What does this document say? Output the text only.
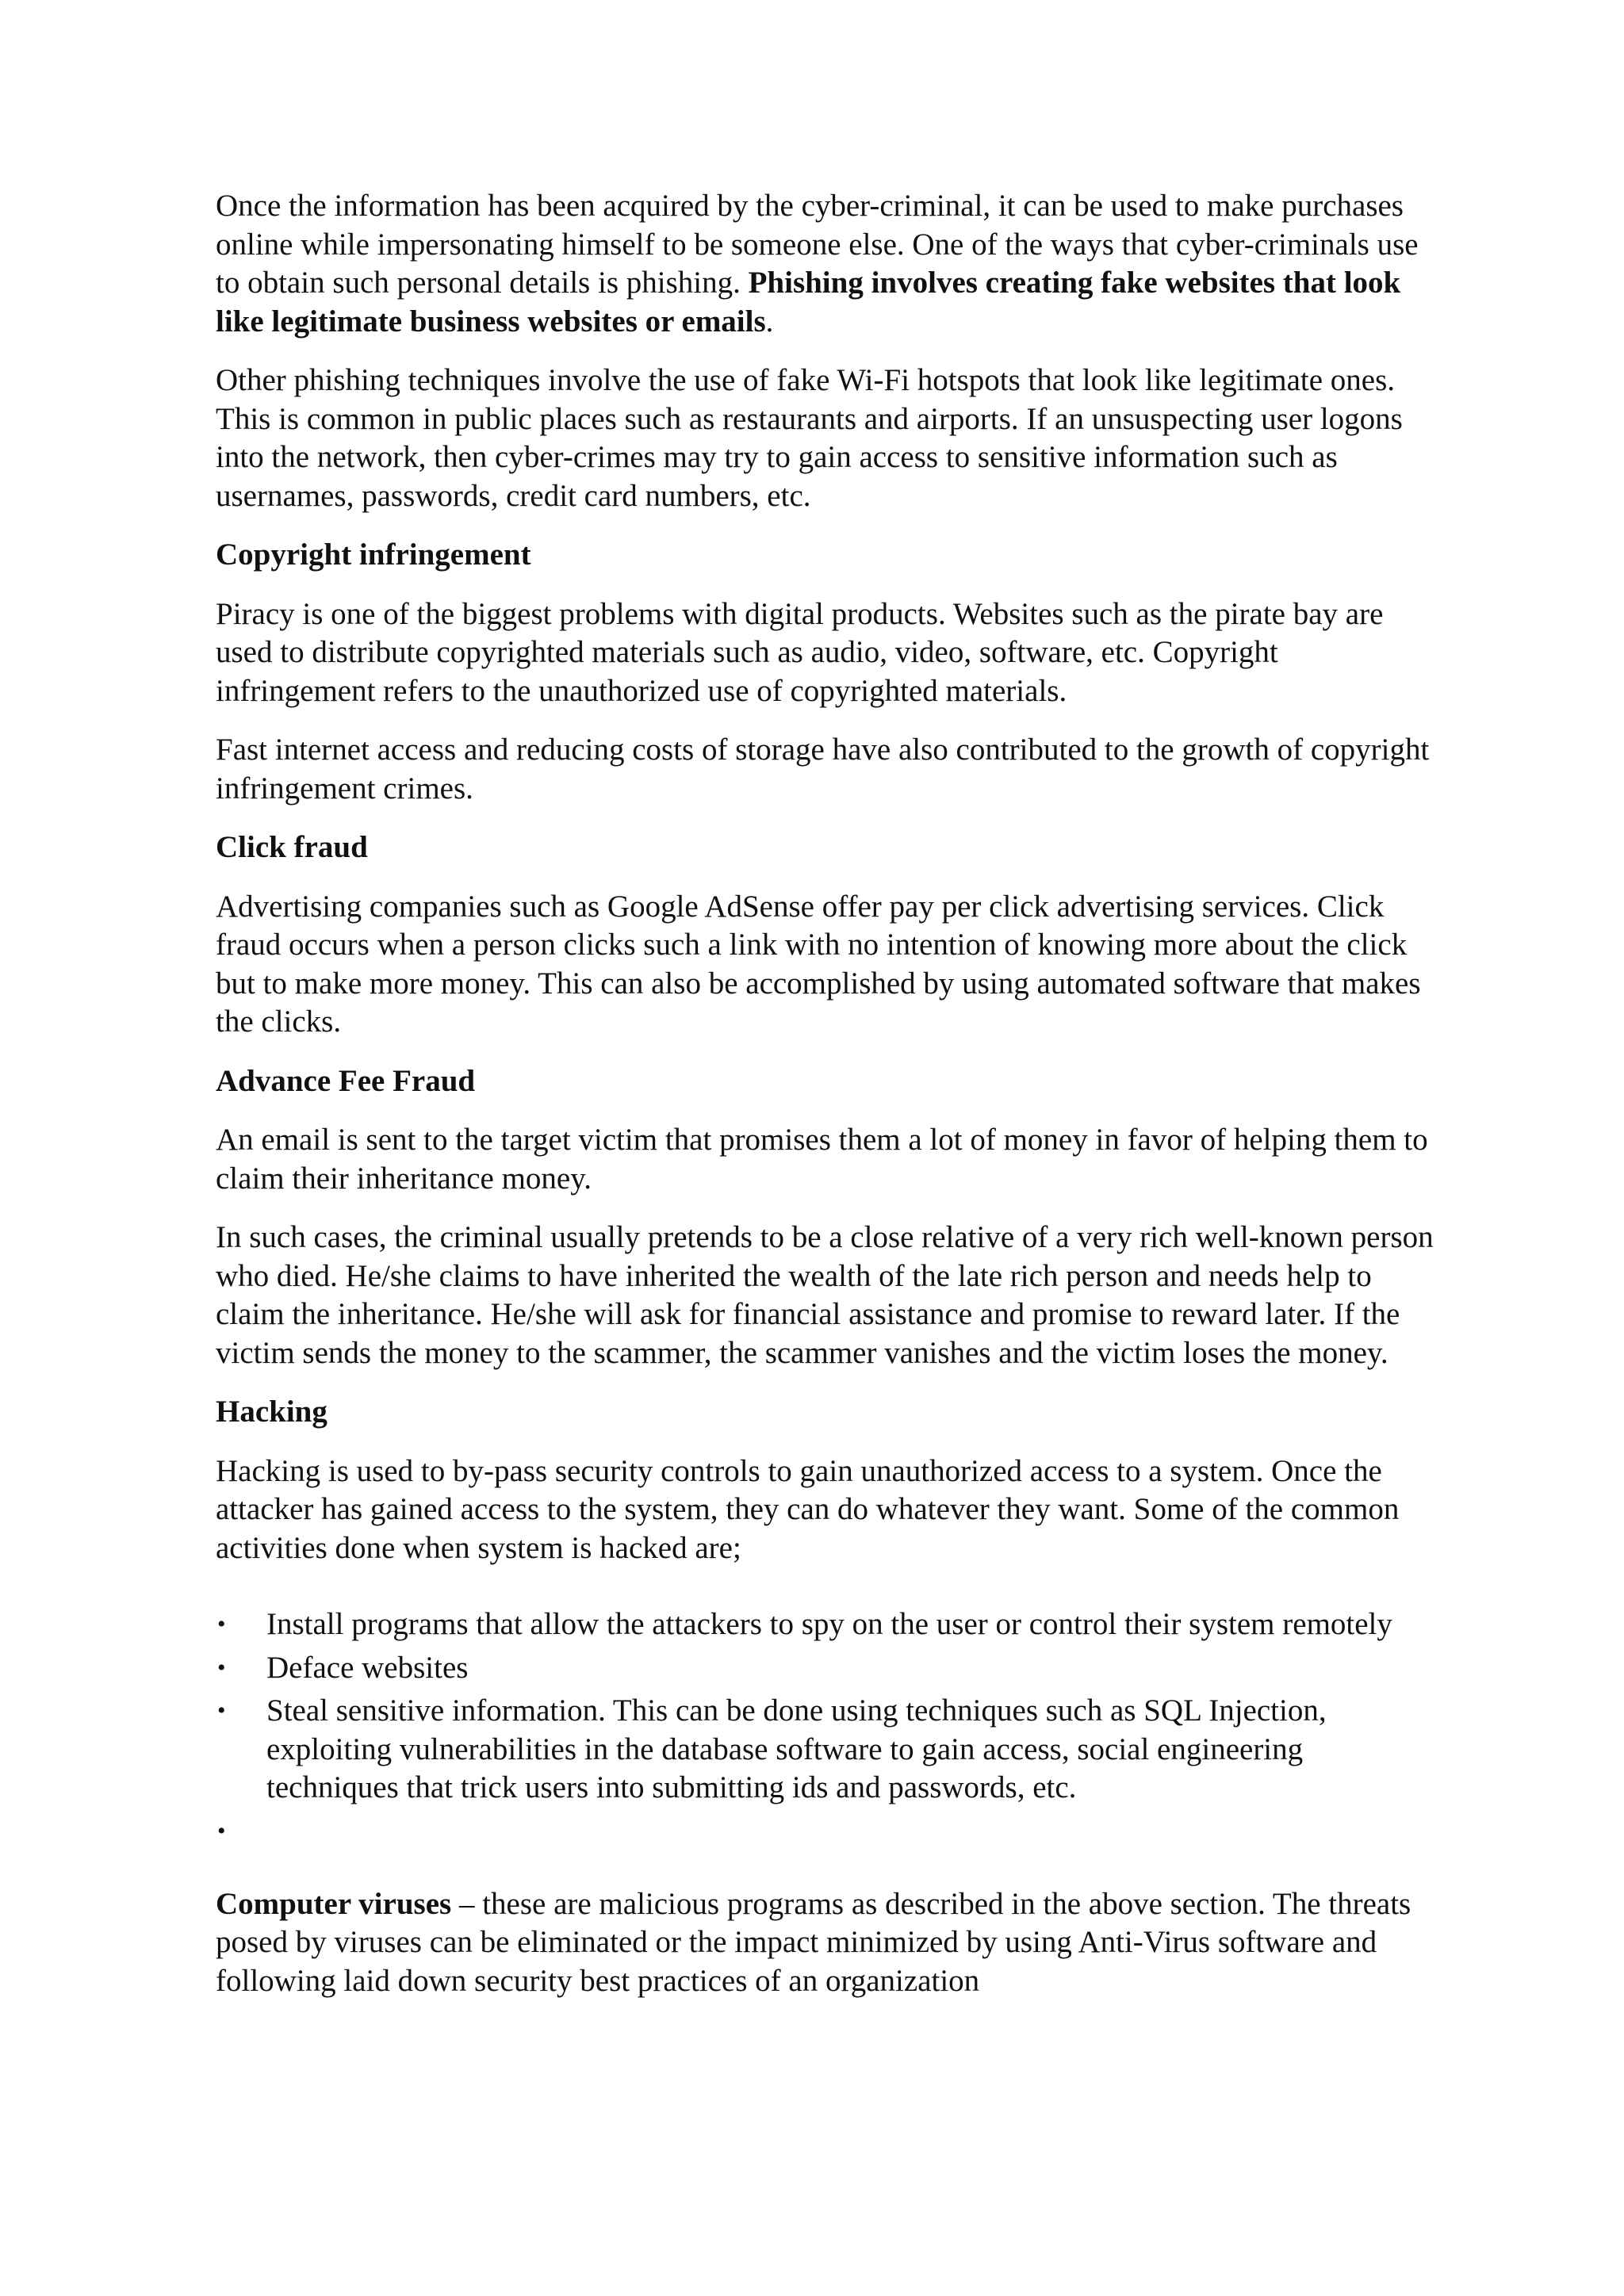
Once the information has been acquired by the cyber-criminal, it can be used to make purchases online while impersonating himself to be someone else. One of the ways that cyber-criminals use to obtain such personal details is phishing. Phishing involves creating fake websites that look like legitimate business websites or emails.

Other phishing techniques involve the use of fake Wi-Fi hotspots that look like legitimate ones. This is common in public places such as restaurants and airports. If an unsuspecting user logons into the network, then cyber-crimes may try to gain access to sensitive information such as usernames, passwords, credit card numbers, etc.

Copyright infringement

Piracy is one of the biggest problems with digital products. Websites such as the pirate bay are used to distribute copyrighted materials such as audio, video, software, etc. Copyright infringement refers to the unauthorized use of copyrighted materials.

Fast internet access and reducing costs of storage have also contributed to the growth of copyright infringement crimes.

Click fraud

Advertising companies such as Google AdSense offer pay per click advertising services. Click fraud occurs when a person clicks such a link with no intention of knowing more about the click but to make more money. This can also be accomplished by using automated software that makes the clicks.

Advance Fee Fraud

An email is sent to the target victim that promises them a lot of money in favor of helping them to claim their inheritance money.

In such cases, the criminal usually pretends to be a close relative of a very rich well-known person who died. He/she claims to have inherited the wealth of the late rich person and needs help to claim the inheritance. He/she will ask for financial assistance and promise to reward later. If the victim sends the money to the scammer, the scammer vanishes and the victim loses the money.

Hacking

Hacking is used to by-pass security controls to gain unauthorized access to a system. Once the attacker has gained access to the system, they can do whatever they want. Some of the common activities done when system is hacked are;

• Install programs that allow the attackers to spy on the user or control their system remotely
• Deface websites
• Steal sensitive information. This can be done using techniques such as SQL Injection, exploiting vulnerabilities in the database software to gain access, social engineering techniques that trick users into submitting ids and passwords, etc.
•

Computer viruses – these are malicious programs as described in the above section. The threats posed by viruses can be eliminated or the impact minimized by using Anti-Virus software and following laid down security best practices of an organization
